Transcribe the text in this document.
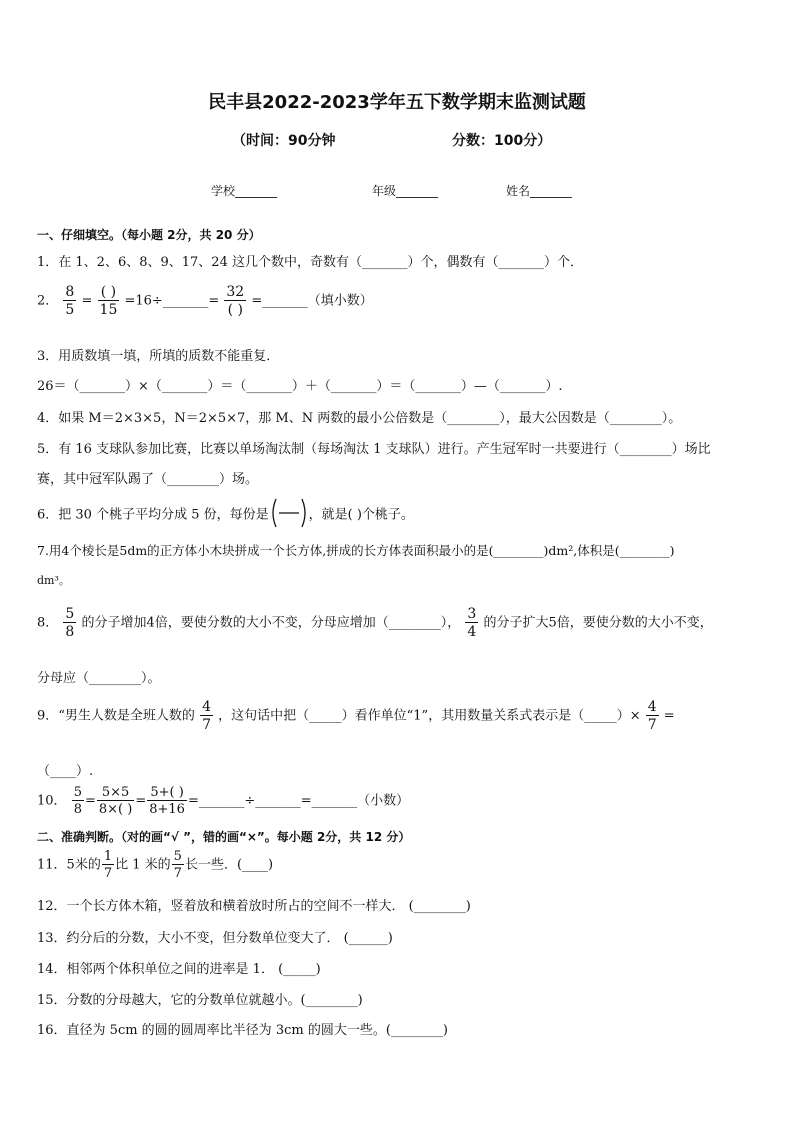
民丰县2022-2023学年五下数学期末监测试题
（时间：90分钟	分数：100分）
学校_______	年级_______	姓名_______
一、仔细填空。（每小题 2分，共 20 分）
1．在 1、2、6、8、9、17、24 这几个数中，奇数有（_______）个，偶数有（_______）个．
2． $\frac{8}{5} = \frac{( )}{15}$ =16÷_______= $\frac{32}{( )}$ =_______（填小数）
3．用质数填一填，所填的质数不能重复．
26＝（_______）×（_______）＝（_______）＋（_______）＝（_______）—（_______）.
4．如果 M＝2×3×5，N＝2×5×7，那 M、N 两数的最小公倍数是（________），最大公因数是（________）。
5．有 16 支球队参加比赛，比赛以单场淘汰制（每场淘汰 1 支球队）进行。产生冠军时一共要进行（________）场比
赛，其中冠军队踢了（________）场。
6．把 30 个桃子平均分成 5 份，每份是	，就是( )个桃子。
7.用4个棱长是5dm的正方体小木块拼成一个长方体,拼成的长方体表面积最小的是(________)dm²,体积是(________)
dm³。
8． $\frac{5}{8}$ 的分子增加4倍，要使分数的大小不变，分母应增加（________）， $\frac{3}{4}$ 的分子扩大5倍，要使分数的大小不变，
分母应（________）。
9．“男生人数是全班人数的 $\frac{4}{7}$ ，这句话中把（_____）看作单位“1”，其用数量关系式表示是（_____）× $\frac{4}{7}$ =
（____）.
10． $\frac{5}{8} = \frac{5\times 5}{8\times( )} = \frac{5+( )}{8+16}$ =_______÷_______=_______（小数）
二、准确判断。（对的画“√ ”，错的画“×”。每小题 2分，共 12 分）
11．5米的 $\frac{1}{7}$ 比 1 米的 $\frac{5}{7}$ 长一些．(____)
12．一个长方体木箱，竖着放和横着放时所占的空间不一样大． (________)
13．约分后的分数，大小不变，但分数单位变大了． (______)
14．相邻两个体积单位之间的进率是 1． (_____)
15．分数的分母越大，它的分数单位就越小。(________)
16．直径为 5cm 的圆的圆周率比半径为 3cm 的圆大一些。(________)
